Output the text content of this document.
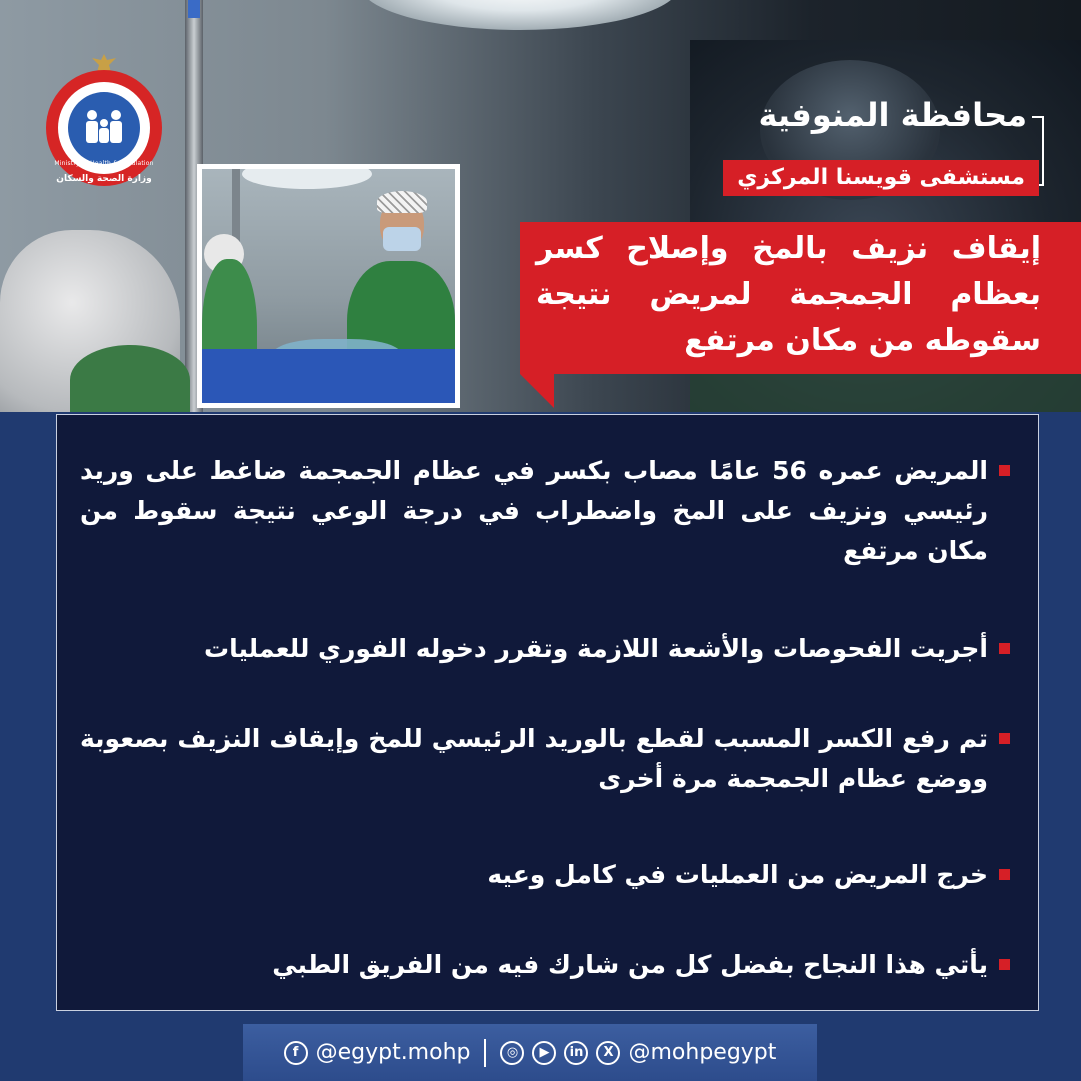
Ministry of Health & Population
وزارة الصحة والسكان
محافظة المنوفية
مستشفى قويسنا المركزي
إيقاف نزيف بالمخ وإصلاح كسر بعظام الجمجمة لمريض نتيجة سقوطه من مكان مرتفع
المريض عمره 56 عامًا مصاب بكسر في عظام الجمجمة ضاغط على وريد رئيسي ونزيف على المخ واضطراب في درجة الوعي نتيجة سقوط من مكان مرتفع
أجريت الفحوصات والأشعة اللازمة وتقرر دخوله الفوري للعمليات
تم رفع الكسر المسبب لقطع بالوريد الرئيسي للمخ وإيقاف النزيف بصعوبة ووضع عظام الجمجمة مرة أخرى
خرج المريض من العمليات في كامل وعيه
يأتي هذا النجاح بفضل كل من شارك فيه من الفريق الطبي
f @egypt.mohp	◎	▶	in	X @mohpegypt
